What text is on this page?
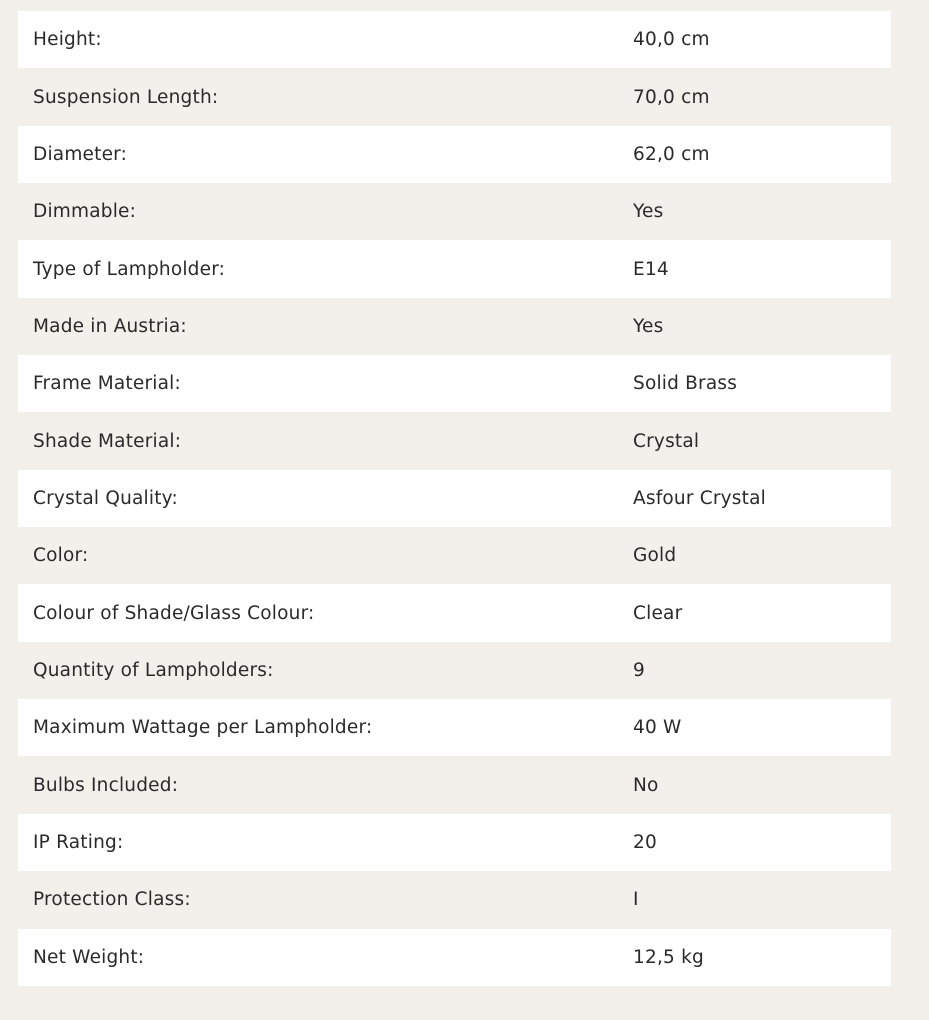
Height:	40,0 cm
Suspension Length:	70,0 cm
Diameter:	62,0 cm
Dimmable:	Yes
Type of Lampholder:	E14
Made in Austria:	Yes
Frame Material:	Solid Brass
Shade Material:	Crystal
Crystal Quality:	Asfour Crystal
Color:	Gold
Colour of Shade/Glass Colour:	Clear
Quantity of Lampholders:	9
Maximum Wattage per Lampholder:	40 W
Bulbs Included:	No
IP Rating:	20
Protection Class:	I
Net Weight:	12,5 kg
